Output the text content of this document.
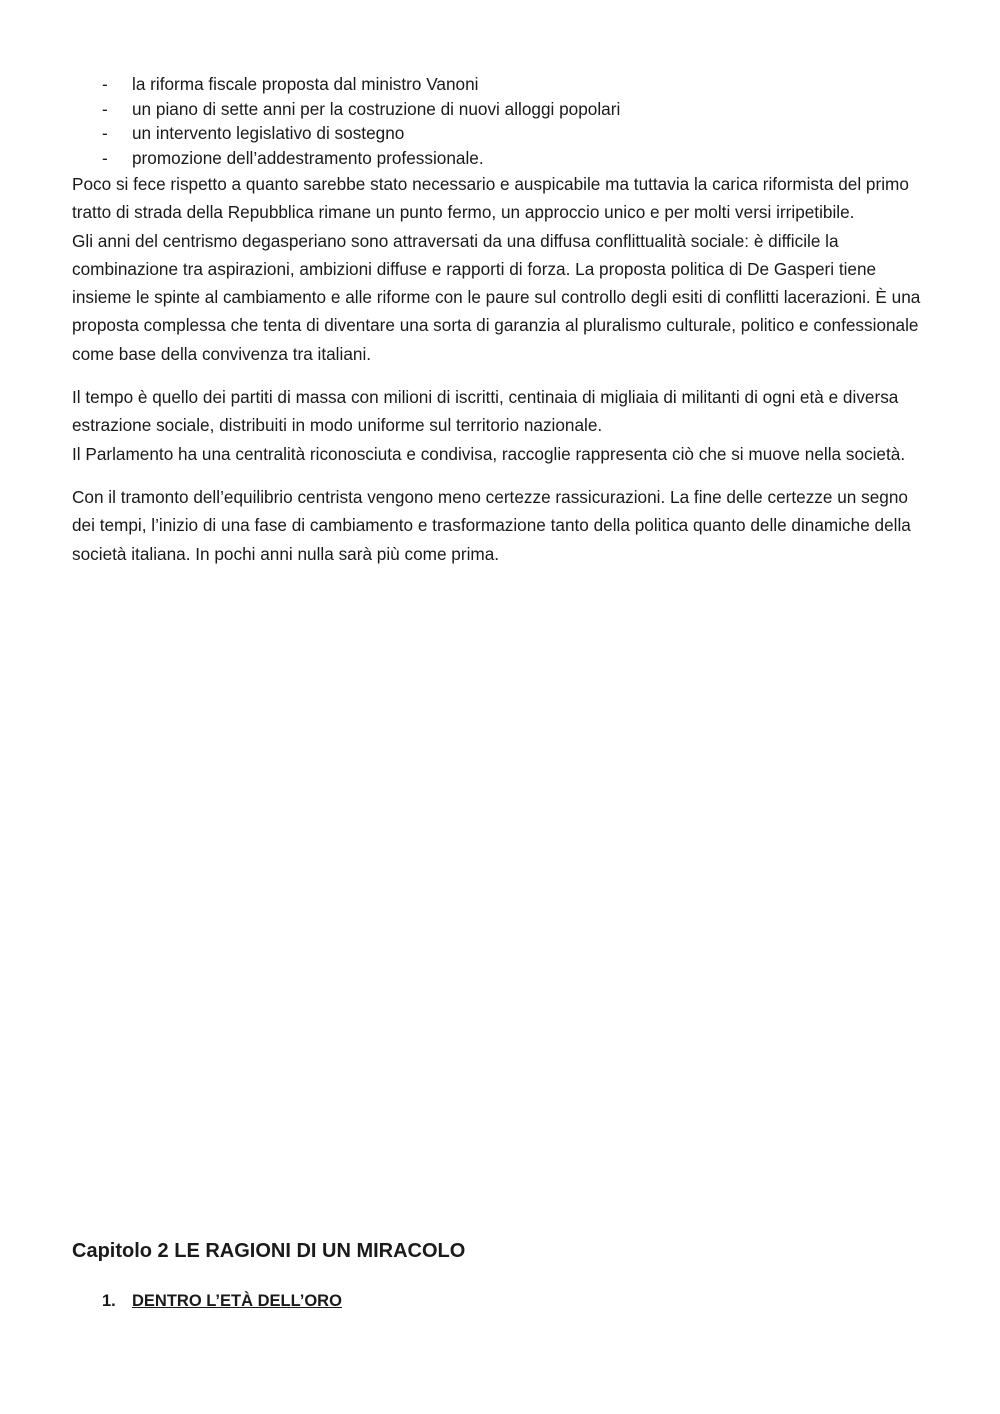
- la riforma fiscale proposta dal ministro Vanoni
- un piano di sette anni per la costruzione di nuovi alloggi popolari
- un intervento legislativo di sostegno
- promozione dell’addestramento professionale.

Poco si fece rispetto a quanto sarebbe stato necessario e auspicabile ma tuttavia la carica riformista del primo tratto di strada della Repubblica rimane un punto fermo, un approccio unico e per molti versi irripetibile.

Gli anni del centrismo degasperiano sono attraversati da una diffusa conflittualità sociale: è difficile la combinazione tra aspirazioni, ambizioni diffuse e rapporti di forza. La proposta politica di De Gasperi tiene insieme le spinte al cambiamento e alle riforme con le paure sul controllo degli esiti di conflitti lacerazioni. È una proposta complessa che tenta di diventare una sorta di garanzia al pluralismo culturale, politico e confessionale come base della convivenza tra italiani.

Il tempo è quello dei partiti di massa con milioni di iscritti, centinaia di migliaia di militanti di ogni età e diversa estrazione sociale, distribuiti in modo uniforme sul territorio nazionale.

Il Parlamento ha una centralità riconosciuta e condivisa, raccoglie rappresenta ciò che si muove nella società.

Con il tramonto dell’equilibrio centrista vengono meno certezze rassicurazioni. La fine delle certezze un segno dei tempi, l’inizio di una fase di cambiamento e trasformazione tanto della politica quanto delle dinamiche della società italiana. In pochi anni nulla sarà più come prima.

Capitolo 2 LE RAGIONI DI UN MIRACOLO
1. DENTRO L’ETÀ DELL’ORO
